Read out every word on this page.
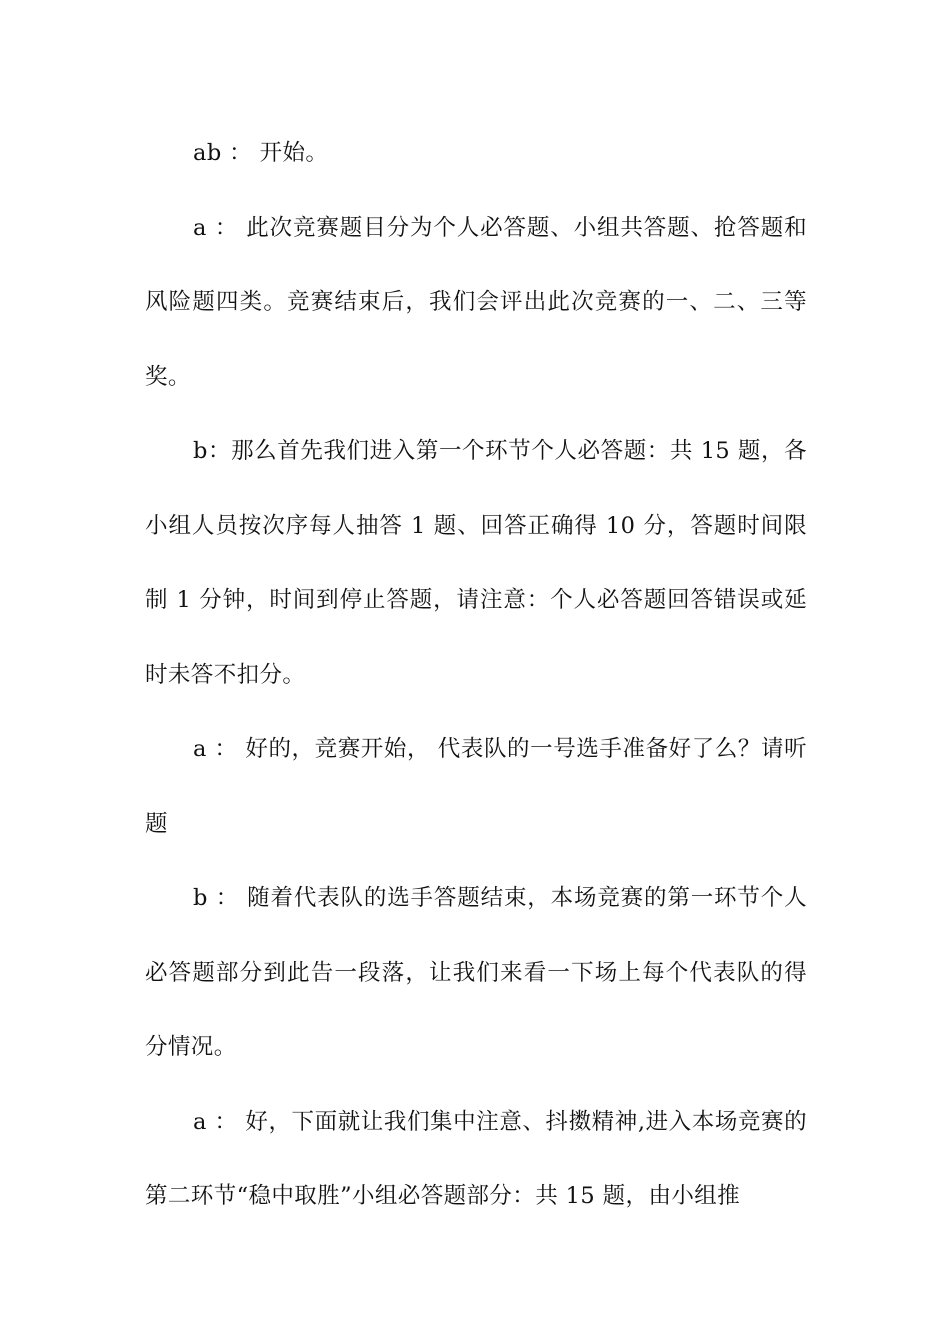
ab ： 开始。

a ： 此次竞赛题目分为个人必答题、小组共答题、抢答题和风险题四类。竞赛结束后，我们会评出此次竞赛的一、二、三等奖。

b：那么首先我们进入第一个环节个人必答题：共 15 题，各小组人员按次序每人抽答 1 题、回答正确得 10 分，答题时间限制 1 分钟，时间到停止答题，请注意：个人必答题回答错误或延时未答不扣分。

a ： 好的，竞赛开始， 代表队的一号选手准备好了么？请听题

b ： 随着代表队的选手答题结束，本场竞赛的第一环节个人必答题部分到此告一段落，让我们来看一下场上每个代表队的得分情况。

a ： 好，下面就让我们集中注意、抖擞精神,进入本场竞赛的第二环节“稳中取胜”小组必答题部分：共 15 题，由小组推
